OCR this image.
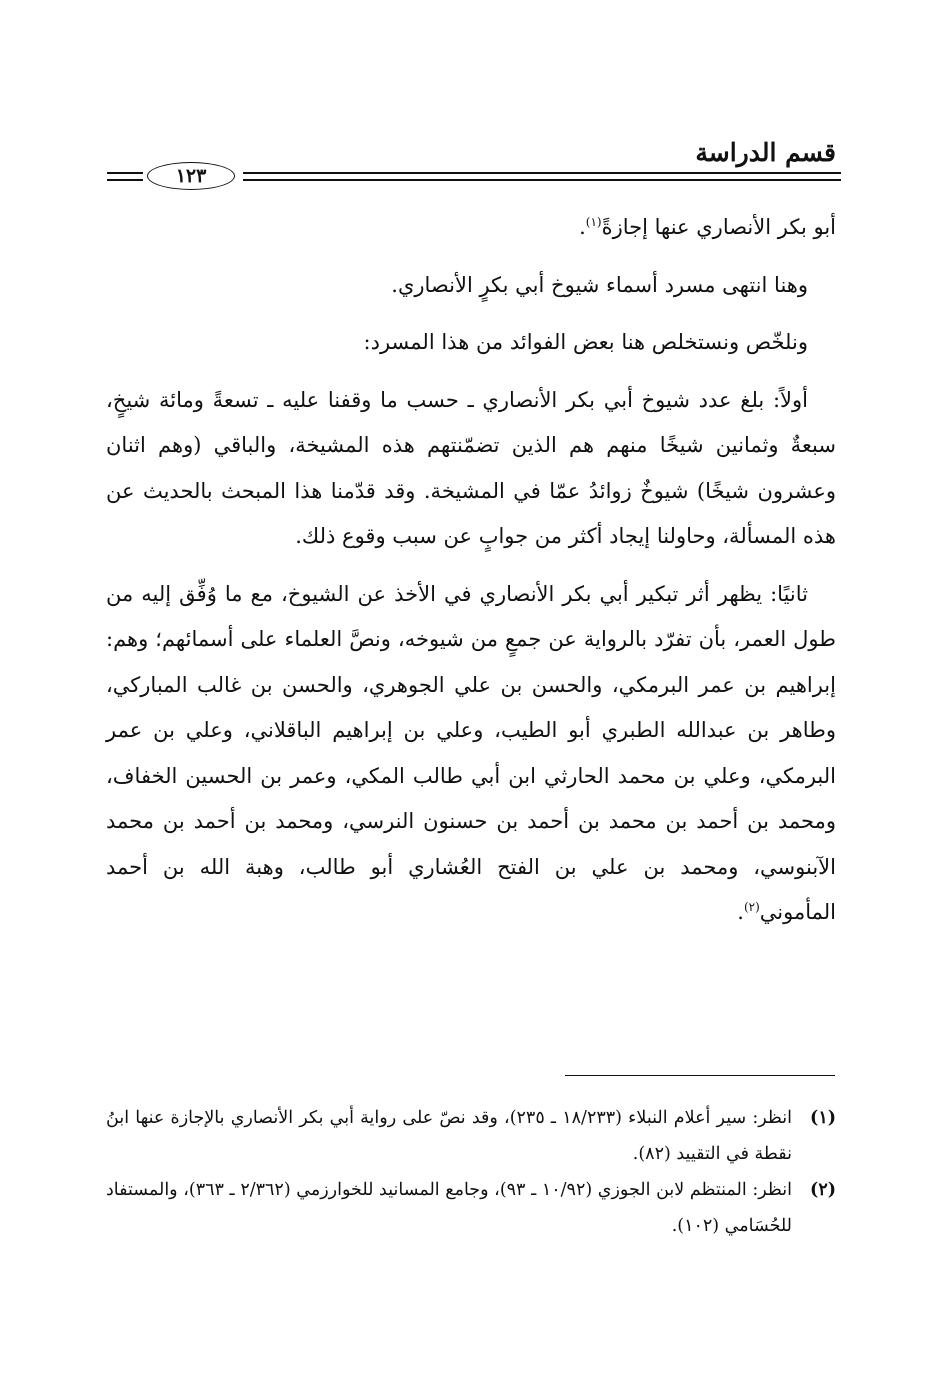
قسم الدراسة
١٢٣

أبو بكر الأنصاري عنها إجازةً$^{(١)}$.

وهنا انتهى مسرد أسماء شيوخ أبي بكرٍ الأنصاري.

ونلخّص ونستخلص هنا بعض الفوائد من هذا المسرد:

أولاً: بلغ عدد شيوخ أبي بكر الأنصاري ـ حسب ما وقفنا عليه ـ تسعةً ومائة شيخٍ، سبعةٌ وثمانين شيخًا منهم هم الذين تضمّنتهم هذه المشيخة، والباقي (وهم اثنان وعشرون شيخًا) شيوخٌ زوائدُ عمّا في المشيخة. وقد قدّمنا هذا المبحث بالحديث عن هذه المسألة، وحاولنا إيجاد أكثر من جوابٍ عن سبب وقوع ذلك.

ثانيًا: يظهر أثر تبكير أبي بكر الأنصاري في الأخذ عن الشيوخ، مع ما وُفِّق إليه من طول العمر، بأن تفرّد بالرواية عن جمعٍ من شيوخه، ونصَّ العلماء على أسمائهم؛ وهم: إبراهيم بن عمر البرمكي، والحسن بن علي الجوهري، والحسن بن غالب المباركي، وطاهر بن عبدالله الطبري أبو الطيب، وعلي بن إبراهيم الباقلاني، وعلي بن عمر البرمكي، وعلي بن محمد الحارثي ابن أبي طالب المكي، وعمر بن الحسين الخفاف، ومحمد بن أحمد بن محمد بن أحمد بن حسنون النرسي، ومحمد بن أحمد بن محمد الآبنوسي، ومحمد بن علي بن الفتح العُشاري أبو طالب، وهبة الله بن أحمد المأموني$^{(٢)}$.

(١)
انظر: سير أعلام النبلاء (١٨/٢٣٣ ـ ٢٣٥)، وقد نصّ على رواية أبي بكر الأنصاري بالإجازة عنها ابنُ نقطة في التقييد (٨٢).
(٢)
انظر: المنتظم لابن الجوزي (١٠/٩٢ ـ ٩٣)، وجامع المسانيد للخوارزمي (٢/٣٦٢ ـ ٣٦٣)، والمستفاد للحُسَامي (١٠٢).
